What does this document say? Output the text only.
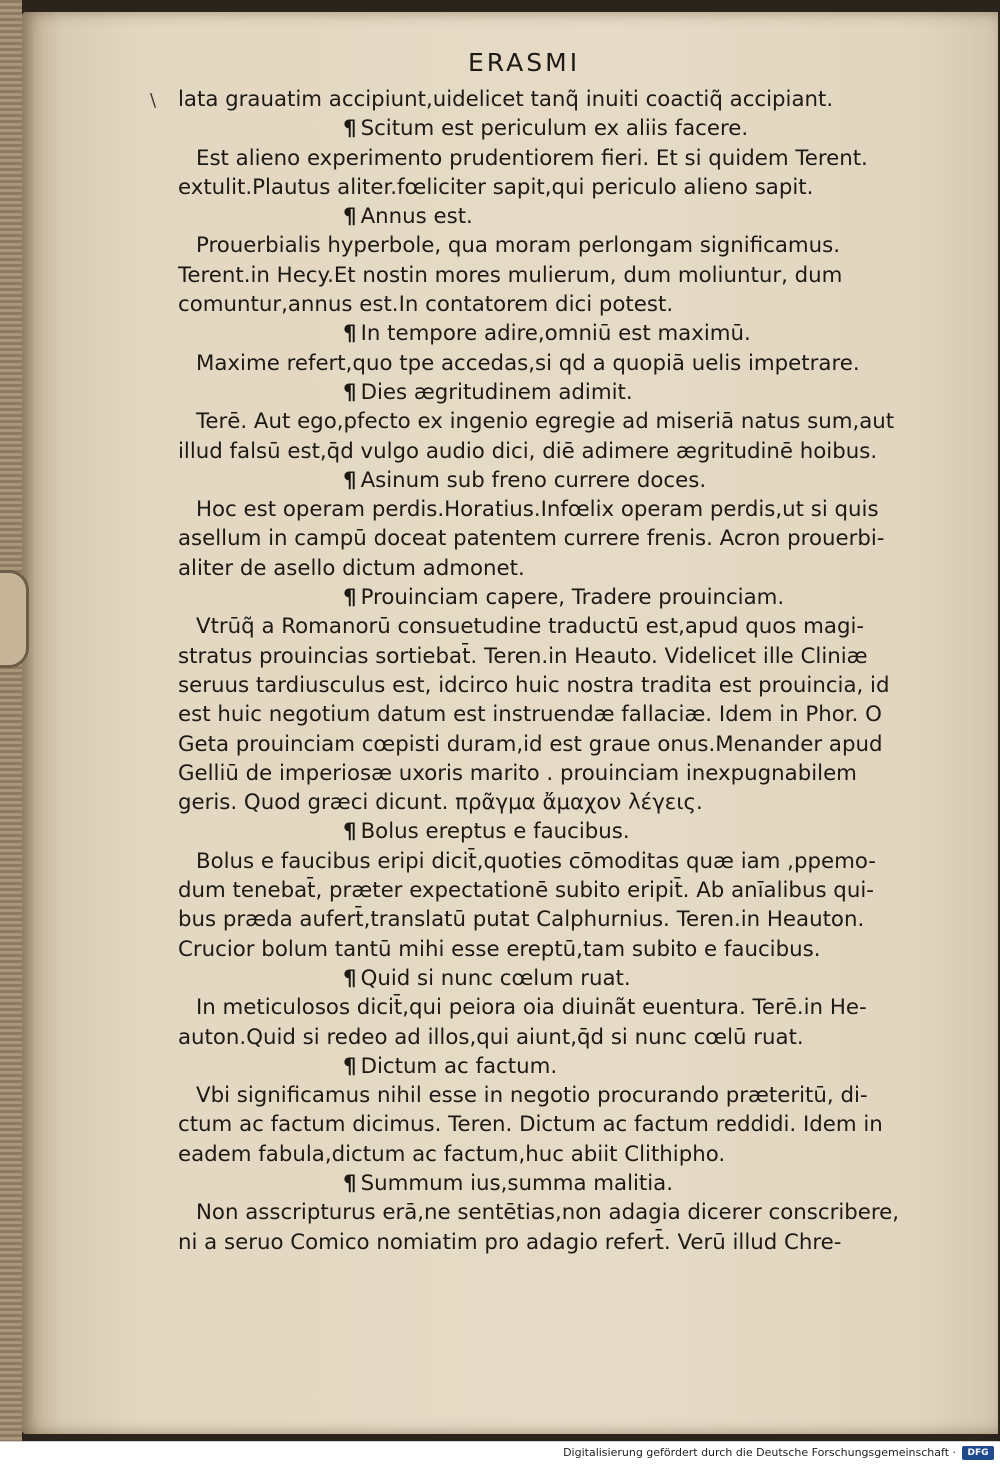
ERASMI
\ lata grauatim accipiunt,uidelicet tanq͂ inuiti coactiq͂ accipiant.
¶ Scitum est periculum ex aliis facere.
Est alieno experimento prudentiorem fieri. Et si quidem Terent.
extulit.Plautus aliter.fœliciter sapit,qui periculo alieno sapit.
¶ Annus est.
Prouerbialis hyperbole, qua moram perlongam significamus.
Terent.in Hecy.Et nostin mores mulierum, dum moliuntur, dum
comuntur,annus est.In contatorem dici potest.
¶ In tempore adire,omniū est maximū.
Maxime refert,quo tpe accedas,si qd a quopiā uelis impetrare.
¶ Dies ægritudinem adimit.
Terē. Aut ego,pfecto ex ingenio egregie ad miseriā natus sum,aut
illud falsū est,q̄d vulgo audio dici, diē adimere ægritudinē hoibus.
¶ Asinum sub freno currere doces.
Hoc est operam perdis.Horatius.Infœlix operam perdis,ut si quis
asellum in campū doceat patentem currere frenis. Acron prouerbi-
aliter de asello dictum admonet.
¶ Prouinciam capere, Tradere prouinciam.
Vtrūq͂ a Romanorū consuetudine traductū est,apud quos magi-
stratus prouincias sortiebat̄. Teren.in Heauto. Videlicet ille Cliniæ
seruus tardiusculus est, idcirco huic nostra tradita est prouincia, id
est huic negotium datum est instruendæ fallaciæ. Idem in Phor. O
Geta prouinciam cœpisti duram,id est graue onus.Menander apud
Gelliū de imperiosæ uxoris marito . prouinciam inexpugnabilem
geris. Quod græci dicunt. πρᾶγμα ἄμαχον λέγεις.
¶ Bolus ereptus e faucibus.
Bolus e faucibus eripi dicit̄,quoties cōmoditas quæ iam ,ppemo-
dum tenebat̄, præter expectationē subito eripit̄. Ab anīalibus qui-
bus præda aufert̄,translatū putat Calphurnius. Teren.in Heauton.
Crucior bolum tantū mihi esse ereptū,tam subito e faucibus.
¶ Quid si nunc cœlum ruat.
In meticulosos dicit̄,qui peiora oia diuinãt euentura. Terē.in He-
auton.Quid si redeo ad illos,qui aiunt,q̄d si nunc cœlū ruat.
¶ Dictum ac factum.
Vbi significamus nihil esse in negotio procurando præteritū, di-
ctum ac factum dicimus. Teren. Dictum ac factum reddidi. Idem in
eadem fabula,dictum ac factum,huc abiit Clithipho.
¶ Summum ius,summa malitia.
Non asscripturus erā,ne sentētias,non adagia dicerer conscribere,
ni a seruo Comico nomiatim pro adagio refert̄. Verū illud Chre-
Digitalisierung gefördert durch die Deutsche Forschungsgemeinschaft ·	DFG
